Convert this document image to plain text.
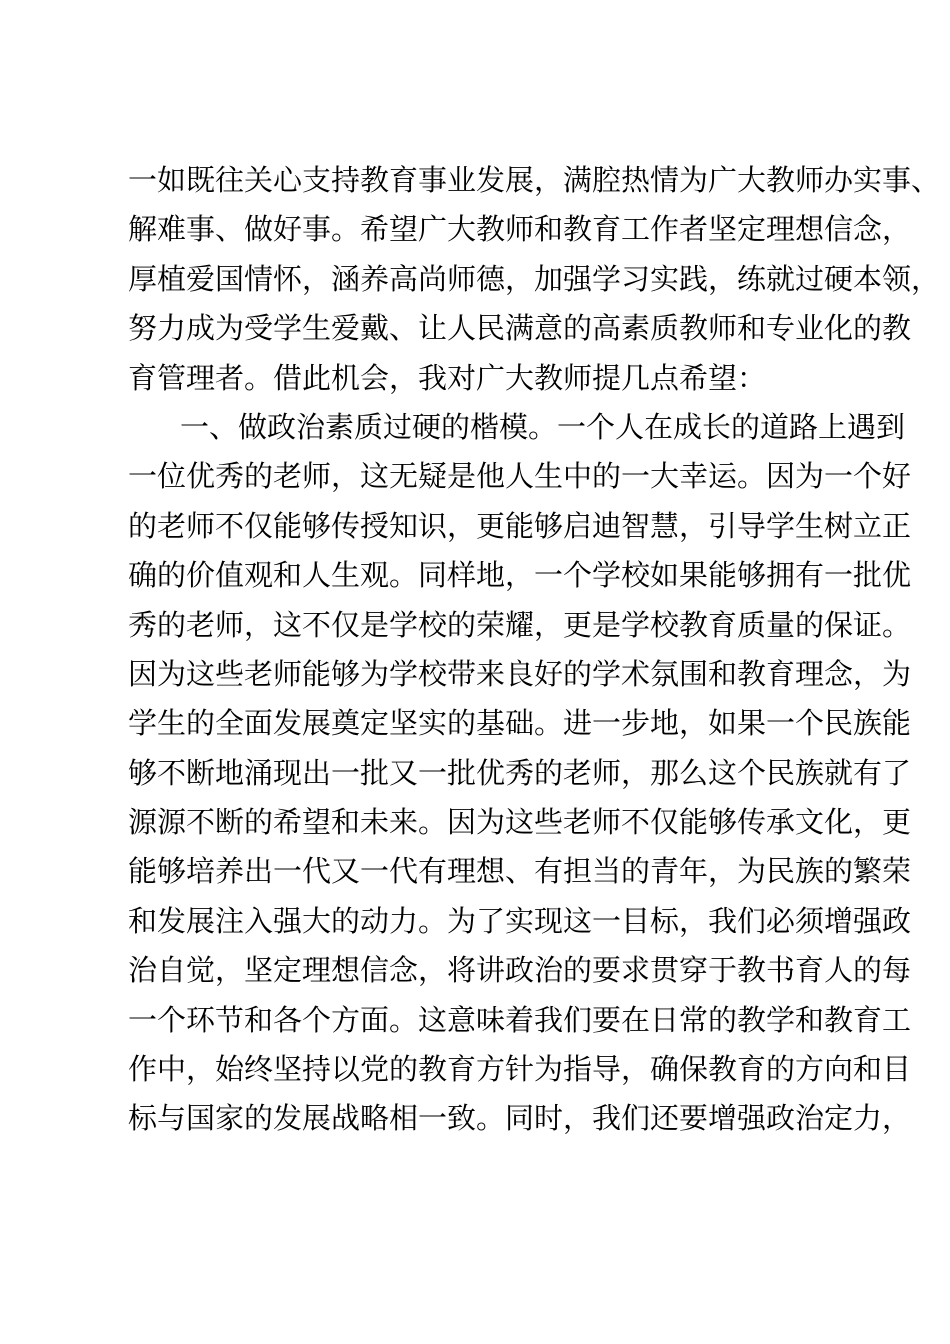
一如既往关心支持教育事业发展，满腔热情为广大教师办实事、
解难事、做好事。希望广大教师和教育工作者坚定理想信念，
厚植爱国情怀，涵养高尚师德，加强学习实践，练就过硬本领，
努力成为受学生爱戴、让人民满意的高素质教师和专业化的教
育管理者。借此机会，我对广大教师提几点希望：
一、做政治素质过硬的楷模。一个人在成长的道路上遇到
一位优秀的老师，这无疑是他人生中的一大幸运。因为一个好
的老师不仅能够传授知识，更能够启迪智慧，引导学生树立正
确的价值观和人生观。同样地，一个学校如果能够拥有一批优
秀的老师，这不仅是学校的荣耀，更是学校教育质量的保证。
因为这些老师能够为学校带来良好的学术氛围和教育理念，为
学生的全面发展奠定坚实的基础。进一步地，如果一个民族能
够不断地涌现出一批又一批优秀的老师，那么这个民族就有了
源源不断的希望和未来。因为这些老师不仅能够传承文化，更
能够培养出一代又一代有理想、有担当的青年，为民族的繁荣
和发展注入强大的动力。为了实现这一目标，我们必须增强政
治自觉，坚定理想信念，将讲政治的要求贯穿于教书育人的每
一个环节和各个方面。这意味着我们要在日常的教学和教育工
作中，始终坚持以党的教育方针为指导，确保教育的方向和目
标与国家的发展战略相一致。同时，我们还要增强政治定力，
